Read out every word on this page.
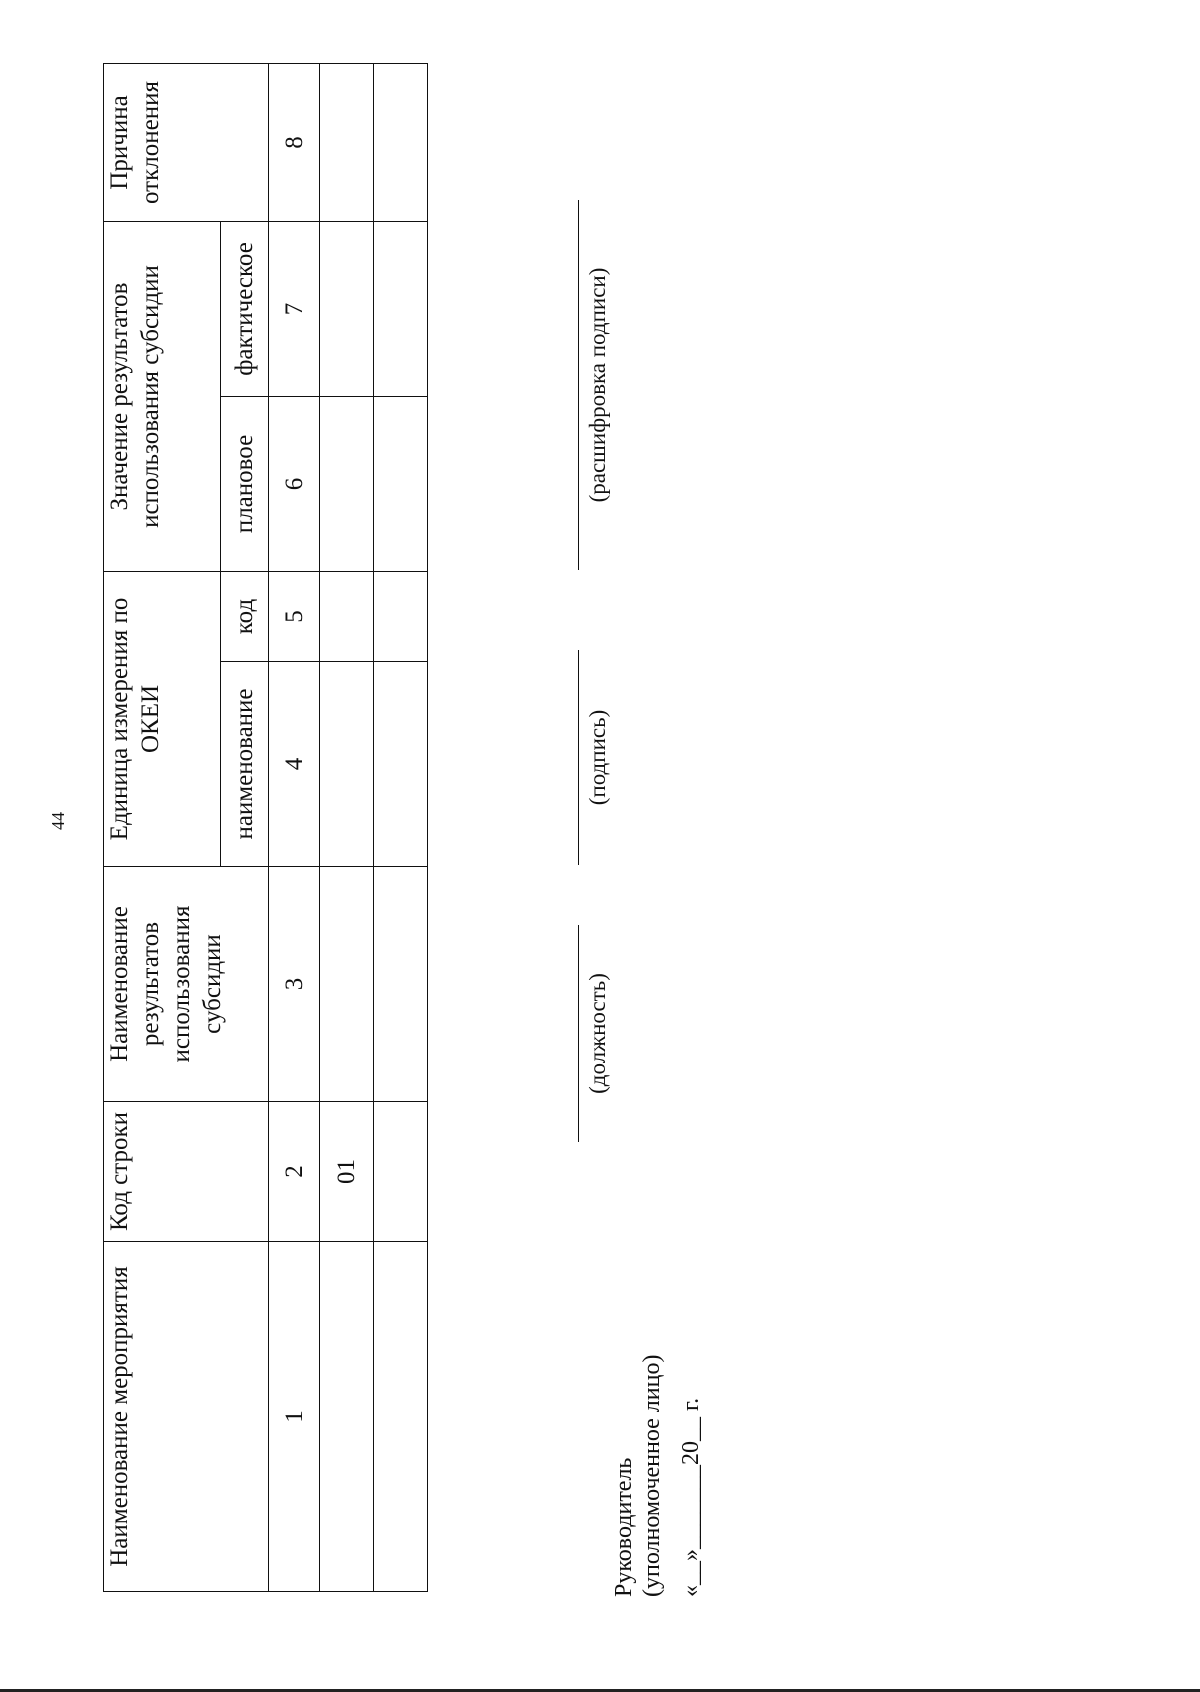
44
Наименование мероприятия	Код строки	Наименование результатов использования субсидии	Единица измерения по ОКЕИ		Значение результатов использования субсидии		Причина отклонения
			наименование	код	плановое	фактическое	
1	2	3	4	5	6	7	8
	01						

Руководитель (уполномоченное лицо)
(должность)
(подпись)
(расшифровка подписи)
«__»_______20__ г.
